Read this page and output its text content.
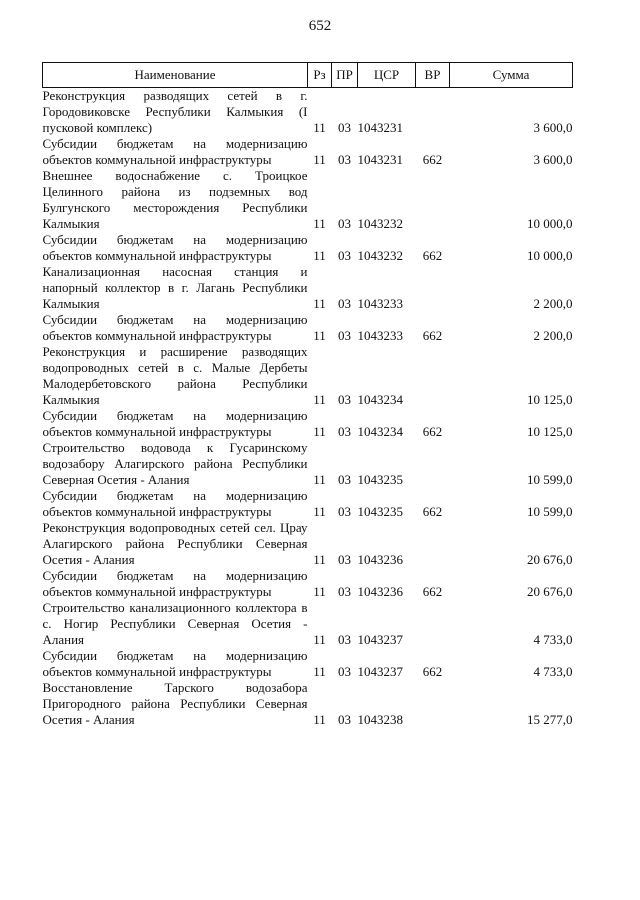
652
Наименование	Рз	ПР	ЦСР	ВР	Сумма
Реконструкция разводящих сетей в г. Городовиковске Республики Калмыкия (I пусковой комплекс)	11	03	1043231		3 600,0
Субсидии бюджетам на модернизацию объектов коммунальной инфраструктуры	11	03	1043231	662	3 600,0
Внешнее водоснабжение с. Троицкое Целинного района из подземных вод Булгунского месторождения Республики Калмыкия	11	03	1043232		10 000,0
Субсидии бюджетам на модернизацию объектов коммунальной инфраструктуры	11	03	1043232	662	10 000,0
Канализационная насосная станция и напорный коллектор в г. Лагань Республики Калмыкия	11	03	1043233		2 200,0
Субсидии бюджетам на модернизацию объектов коммунальной инфраструктуры	11	03	1043233	662	2 200,0
Реконструкция и расширение разводящих водопроводных сетей в с. Малые Дербеты Малодербетовского района Республики Калмыкия	11	03	1043234		10 125,0
Субсидии бюджетам на модернизацию объектов коммунальной инфраструктуры	11	03	1043234	662	10 125,0
Строительство водовода к Гусаринскому водозабору Алагирского района Республики Северная Осетия - Алания	11	03	1043235		10 599,0
Субсидии бюджетам на модернизацию объектов коммунальной инфраструктуры	11	03	1043235	662	10 599,0
Реконструкция водопроводных сетей сел. Црау Алагирского района Республики Северная Осетия - Алания	11	03	1043236		20 676,0
Субсидии бюджетам на модернизацию объектов коммунальной инфраструктуры	11	03	1043236	662	20 676,0
Строительство канализационного коллектора в с. Ногир Республики Северная Осетия - Алания	11	03	1043237		4 733,0
Субсидии бюджетам на модернизацию объектов коммунальной инфраструктуры	11	03	1043237	662	4 733,0
Восстановление Тарского водозабора Пригородного района Республики Северная Осетия - Алания	11	03	1043238		15 277,0
